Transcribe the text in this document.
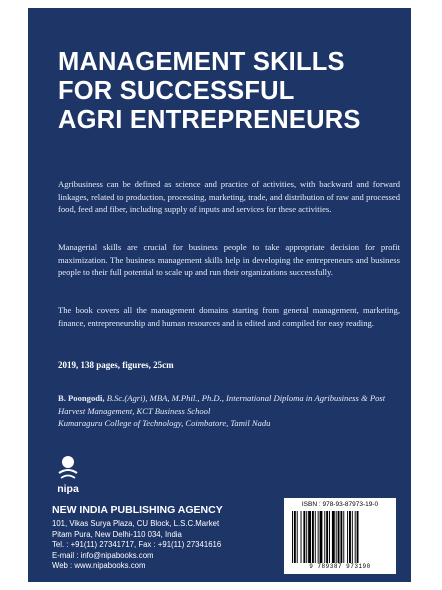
MANAGEMENT SKILLS
FOR SUCCESSFUL
AGRI ENTREPRENEURS
Agribusiness can be defined as science and practice of activities, with backward and forward linkages, related to production, processing, marketing, trade, and distribution of raw and processed food, feed and fiber, including supply of inputs and services for these activities.
Managerial skills are crucial for business people to take appropriate decision for profit maximization. The business management skills help in developing the entrepreneurs and business people to their full potential to scale up and run their organizations successfully.
The book covers all the management domains starting from general management, marketing, finance, entrepreneurship and human resources and is edited and compiled for easy reading.
2019, 138 pages, figures, 25cm
B. Poongodi, B.Sc.(Agri), MBA, M.Phil., Ph.D., International Diploma in Agribusiness & Post Harvest Management, KCT Business School
Kumaraguru College of Technology, Coimbatore, Tamil Nadu
nipa
NEW INDIA PUBLISHING AGENCY
101, Vikas Surya Plaza, CU Block, L.S.C.Market
Pitam Pura, New Delhi-110 034, India
Tel. : +91(11) 27341717, Fax : +91(11) 27341616
E-mail : info@nipabooks.com
Web : www.nipabooks.com
ISBN : 978-93-87973-19-0
9 789387 973190
